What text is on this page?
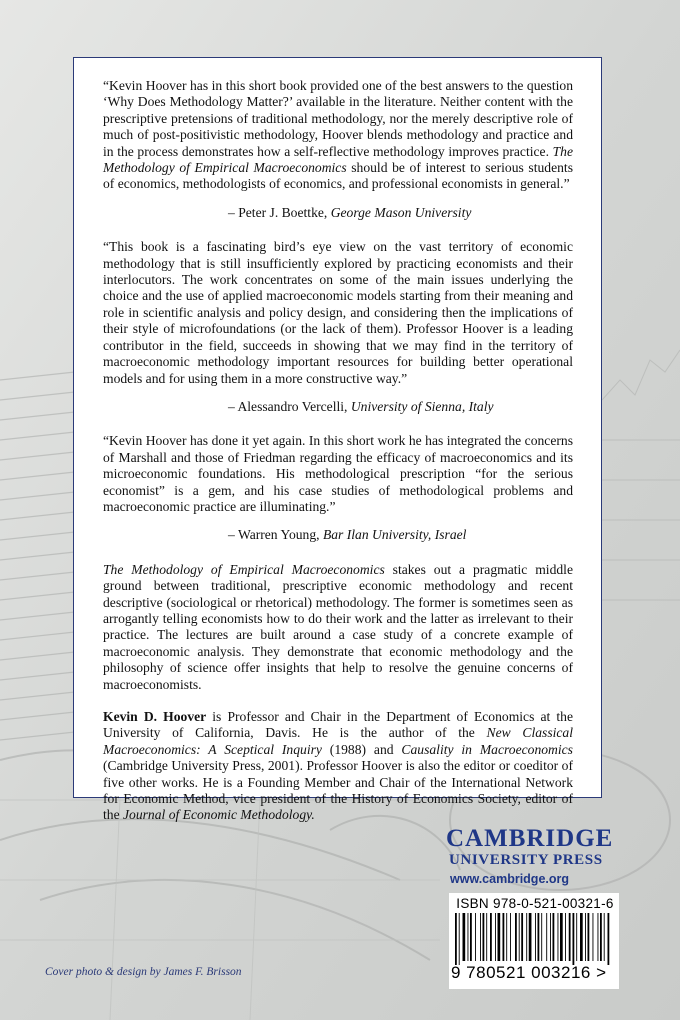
“Kevin Hoover has in this short book provided one of the best answers to the question ‘Why Does Methodology Matter?’ available in the literature. Neither content with the prescriptive pretensions of traditional methodology, nor the merely descriptive role of much of post-positivistic methodology, Hoover blends methodology and practice and in the process demonstrates how a self-reflective methodology improves practice. The Methodology of Empirical Macroeconomics should be of interest to serious students of economics, methodologists of economics, and professional economists in general.”

– Peter J. Boettke, George Mason University

“This book is a fascinating bird’s eye view on the vast territory of economic methodology that is still insufficiently explored by practicing economists and their interlocutors. The work concentrates on some of the main issues underlying the choice and the use of applied macroeconomic models starting from their meaning and role in scientific analysis and policy design, and considering then the implications of their style of microfoundations (or the lack of them). Professor Hoover is a leading contributor in the field, succeeds in showing that we may find in the territory of macroeconomic methodology important resources for building better operational models and for using them in a more constructive way.”

– Alessandro Vercelli, University of Sienna, Italy

“Kevin Hoover has done it yet again. In this short work he has integrated the concerns of Marshall and those of Friedman regarding the efficacy of macroeconomics and its microeconomic foundations. His methodological prescription “for the serious economist” is a gem, and his case studies of methodological problems and macroeconomic practice are illuminating.”

– Warren Young, Bar Ilan University, Israel

The Methodology of Empirical Macroeconomics stakes out a pragmatic middle ground between traditional, prescriptive economic methodology and recent descriptive (sociological or rhetorical) methodology. The former is sometimes seen as arrogantly telling economists how to do their work and the latter as irrelevant to their practice. The lectures are built around a case study of a concrete example of macroeconomic analysis. They demonstrate that economic methodology and the philosophy of science offer insights that help to resolve the genuine concerns of macroeconomists.

Kevin D. Hoover is Professor and Chair in the Department of Economics at the University of California, Davis. He is the author of the New Classical Macroeconomics: A Sceptical Inquiry (1988) and Causality in Macroeconomics (Cambridge University Press, 2001). Professor Hoover is also the editor or coeditor of five other works. He is a Founding Member and Chair of the International Network for Economic Method, vice president of the History of Economics Society, editor of the Journal of Economic Methodology.

CAMBRIDGE
UNIVERSITY PRESS
www.cambridge.org
ISBN 978-0-521-00321-6
9 780521 003216 >
Cover photo & design by James F. Brisson
